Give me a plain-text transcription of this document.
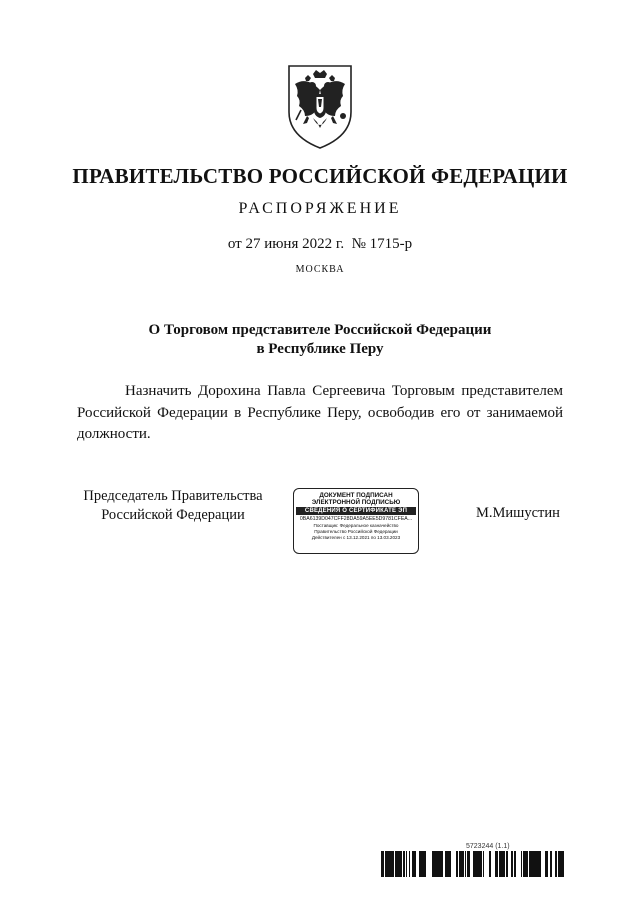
ПРАВИТЕЛЬСТВО РОССИЙСКОЙ ФЕДЕРАЦИИ
РАСПОРЯЖЕНИЕ
от 27 июня 2022 г.  № 1715-р
МОСКВА
О Торговом представителе Российской Федерации
в Республике Перу
Назначить Дорохина Павла Сергеевича Торговым представителем Российской Федерации в Республике Перу, освободив его от занимаемой должности.
Председатель Правительства
Российской Федерации
ДОКУМЕНТ ПОДПИСАН
ЭЛЕКТРОННОЙ ПОДПИСЬЮ
СВЕДЕНИЯ О СЕРТИФИКАТЕ ЭП
0BA6139D047CFF28DA59A5EE5D9781CFEA...
Поставщик: Федеральное казначейство
Правительство Российской Федерации
Действителен с 13.12.2021 по 13.03.2023
М.Мишустин
5723244 (1.1)
